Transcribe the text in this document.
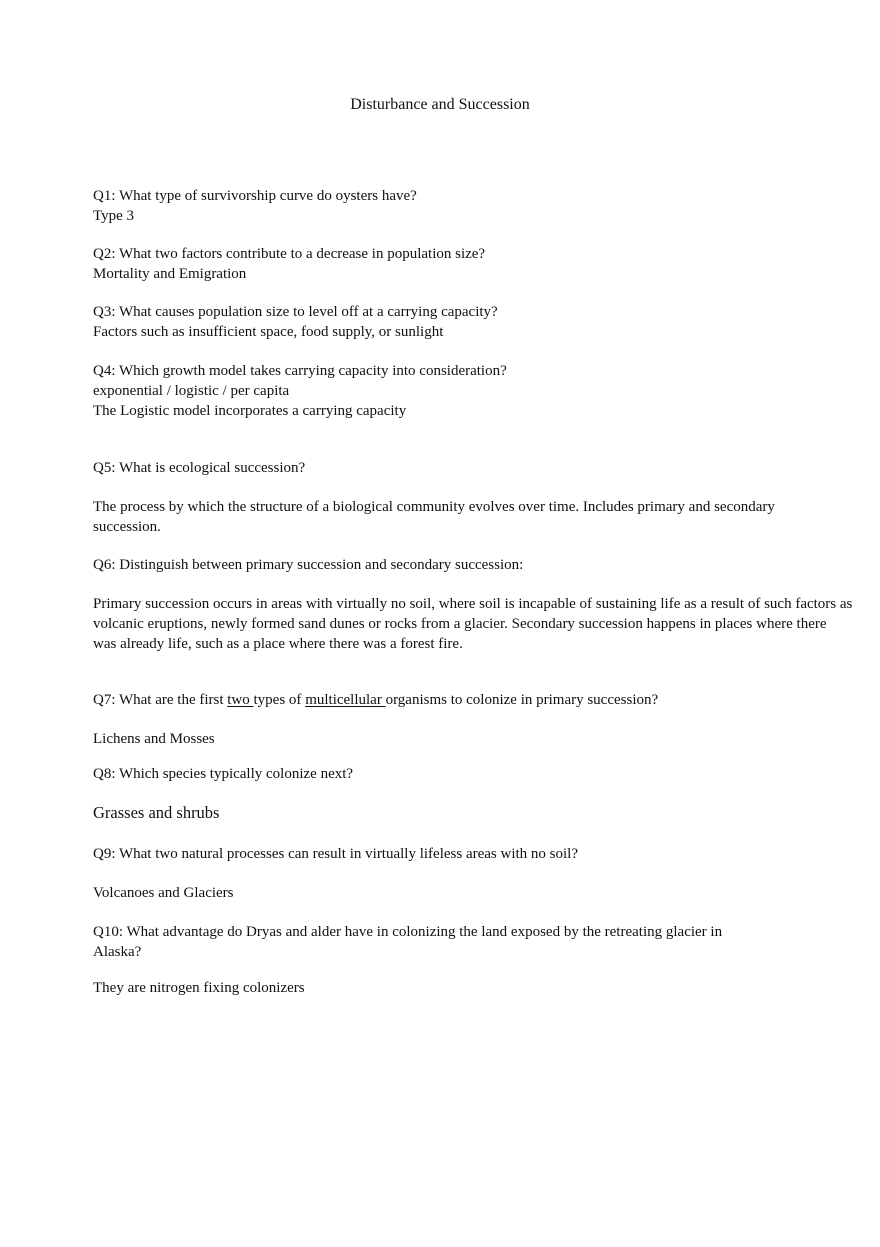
Disturbance and Succession

Q1: What type of survivorship curve do oysters have?

Type 3

Q2: What two factors contribute to a decrease in population size?

Mortality and Emigration

Q3: What causes population size to level off at a carrying capacity?

Factors such as insufficient space, food supply, or sunlight

Q4: Which growth model takes carrying capacity into consideration?

exponential / logistic / per capita

The Logistic model incorporates a carrying capacity

Q5: What is ecological succession?

The process by which the structure of a biological community evolves over time. Includes primary and secondary succession.

Q6: Distinguish between primary succession and secondary succession:

Primary succession occurs in areas with virtually no soil, where soil is incapable of sustaining life as a result of such factors as volcanic eruptions, newly formed sand dunes or rocks from a glacier. Secondary succession happens in places where there was already life, such as a place where there was a forest fire.

Q7: What are the first two types of multicellular organisms to colonize in primary succession?

Lichens and Mosses

Q8: Which species typically colonize next?

Grasses and shrubs

Q9: What two natural processes can result in virtually lifeless areas with no soil?

Volcanoes and Glaciers

Q10: What advantage do Dryas and alder have in colonizing the land exposed by the retreating glacier in Alaska?

They are nitrogen fixing colonizers
